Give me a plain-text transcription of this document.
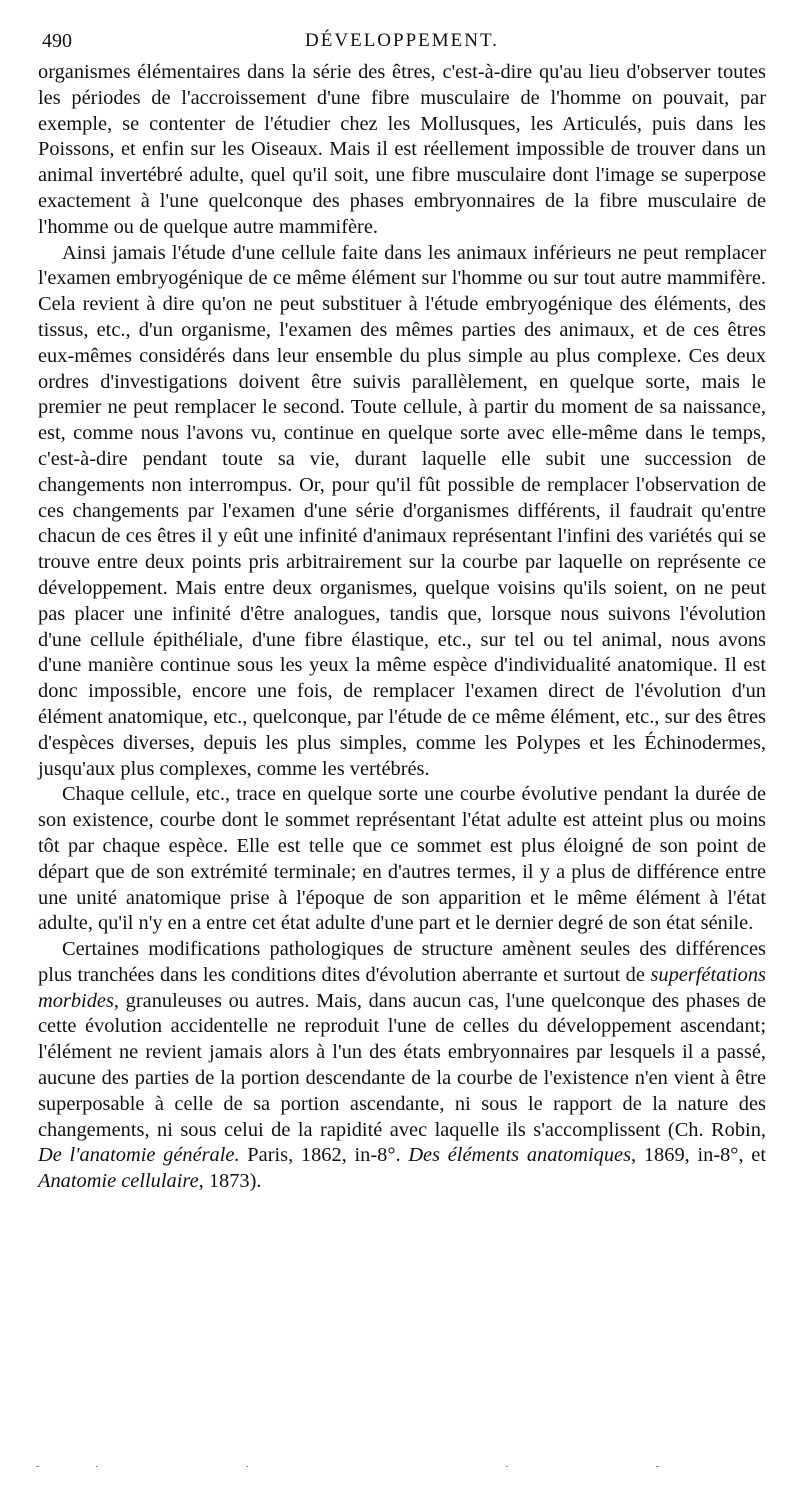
490	DÉVELOPPEMENT.

organismes élémentaires dans la série des êtres, c'est-à-dire qu'au lieu d'observer toutes les périodes de l'accroissement d'une fibre musculaire de l'homme on pouvait, par exemple, se contenter de l'étudier chez les Mollusques, les Articulés, puis dans les Poissons, et enfin sur les Oiseaux. Mais il est réellement impossible de trouver dans un animal invertébré adulte, quel qu'il soit, une fibre musculaire dont l'image se superpose exactement à l'une quelconque des phases embryonnaires de la fibre musculaire de l'homme ou de quelque autre mammifère.

Ainsi jamais l'étude d'une cellule faite dans les animaux inférieurs ne peut remplacer l'examen embryogénique de ce même élément sur l'homme ou sur tout autre mammifère. Cela revient à dire qu'on ne peut substituer à l'étude embryogénique des éléments, des tissus, etc., d'un organisme, l'examen des mêmes parties des animaux, et de ces êtres eux-mêmes considérés dans leur ensemble du plus simple au plus complexe. Ces deux ordres d'investigations doivent être suivis parallèlement, en quelque sorte, mais le premier ne peut remplacer le second. Toute cellule, à partir du moment de sa naissance, est, comme nous l'avons vu, continue en quelque sorte avec elle-même dans le temps, c'est-à-dire pendant toute sa vie, durant laquelle elle subit une succession de changements non interrompus. Or, pour qu'il fût possible de remplacer l'observation de ces changements par l'examen d'une série d'organismes différents, il faudrait qu'entre chacun de ces êtres il y eût une infinité d'animaux représentant l'infini des variétés qui se trouve entre deux points pris arbitrairement sur la courbe par laquelle on représente ce développement. Mais entre deux organismes, quelque voisins qu'ils soient, on ne peut pas placer une infinité d'être analogues, tandis que, lorsque nous suivons l'évolution d'une cellule épithéliale, d'une fibre élastique, etc., sur tel ou tel animal, nous avons d'une manière continue sous les yeux la même espèce d'individualité anatomique. Il est donc impossible, encore une fois, de remplacer l'examen direct de l'évolution d'un élément anatomique, etc., quelconque, par l'étude de ce même élément, etc., sur des êtres d'espèces diverses, depuis les plus simples, comme les Polypes et les Échinodermes, jusqu'aux plus complexes, comme les vertébrés.

Chaque cellule, etc., trace en quelque sorte une courbe évolutive pendant la durée de son existence, courbe dont le sommet représentant l'état adulte est atteint plus ou moins tôt par chaque espèce. Elle est telle que ce sommet est plus éloigné de son point de départ que de son extrémité terminale; en d'autres termes, il y a plus de différence entre une unité anatomique prise à l'époque de son apparition et le même élément à l'état adulte, qu'il n'y en a entre cet état adulte d'une part et le dernier degré de son état sénile.

Certaines modifications pathologiques de structure amènent seules des différences plus tranchées dans les conditions dites d'évolution aberrante et surtout de superfétations morbides, granuleuses ou autres. Mais, dans aucun cas, l'une quelconque des phases de cette évolution accidentelle ne reproduit l'une de celles du développement ascendant; l'élément ne revient jamais alors à l'un des états embryonnaires par lesquels il a passé, aucune des parties de la portion descendante de la courbe de l'existence n'en vient à être superposable à celle de sa portion ascendante, ni sous le rapport de la nature des changements, ni sous celui de la rapidité avec laquelle ils s'accomplissent (Ch. Robin, De l'anatomie générale. Paris, 1862, in-8°. Des éléments anatomiques, 1869, in-8°, et Anatomie cellulaire, 1873).
